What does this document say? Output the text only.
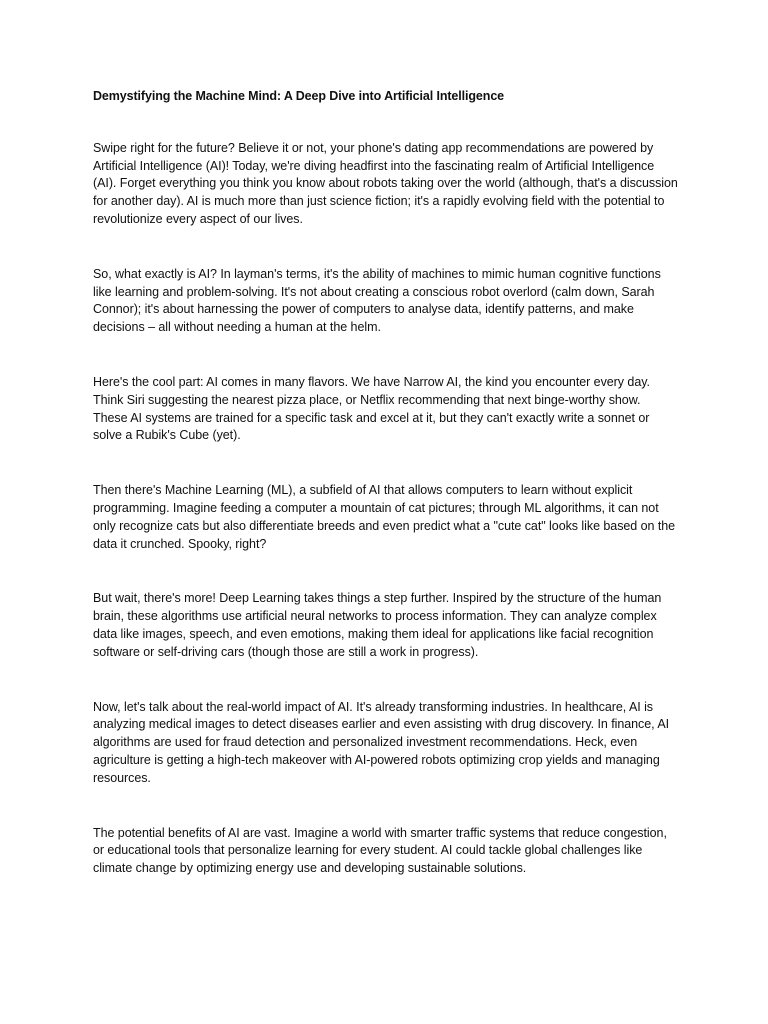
Demystifying the Machine Mind: A Deep Dive into Artificial Intelligence

Swipe right for the future? Believe it or not, your phone's dating app recommendations are powered by Artificial Intelligence (AI)! Today, we're diving headfirst into the fascinating realm of Artificial Intelligence (AI). Forget everything you think you know about robots taking over the world (although, that's a discussion for another day). AI is much more than just science fiction; it's a rapidly evolving field with the potential to revolutionize every aspect of our lives.

So, what exactly is AI? In layman's terms, it's the ability of machines to mimic human cognitive functions like learning and problem-solving. It's not about creating a conscious robot overlord (calm down, Sarah Connor); it's about harnessing the power of computers to analyse data, identify patterns, and make decisions – all without needing a human at the helm.

Here's the cool part: AI comes in many flavors. We have Narrow AI, the kind you encounter every day. Think Siri suggesting the nearest pizza place, or Netflix recommending that next binge-worthy show. These AI systems are trained for a specific task and excel at it, but they can't exactly write a sonnet or solve a Rubik's Cube (yet).

Then there's Machine Learning (ML), a subfield of AI that allows computers to learn without explicit programming. Imagine feeding a computer a mountain of cat pictures; through ML algorithms, it can not only recognize cats but also differentiate breeds and even predict what a "cute cat" looks like based on the data it crunched. Spooky, right?

But wait, there's more! Deep Learning takes things a step further. Inspired by the structure of the human brain, these algorithms use artificial neural networks to process information. They can analyze complex data like images, speech, and even emotions, making them ideal for applications like facial recognition software or self-driving cars (though those are still a work in progress).

Now, let's talk about the real-world impact of AI. It's already transforming industries. In healthcare, AI is analyzing medical images to detect diseases earlier and even assisting with drug discovery. In finance, AI algorithms are used for fraud detection and personalized investment recommendations. Heck, even agriculture is getting a high-tech makeover with AI-powered robots optimizing crop yields and managing resources.

The potential benefits of AI are vast. Imagine a world with smarter traffic systems that reduce congestion, or educational tools that personalize learning for every student. AI could tackle global challenges like climate change by optimizing energy use and developing sustainable solutions.
